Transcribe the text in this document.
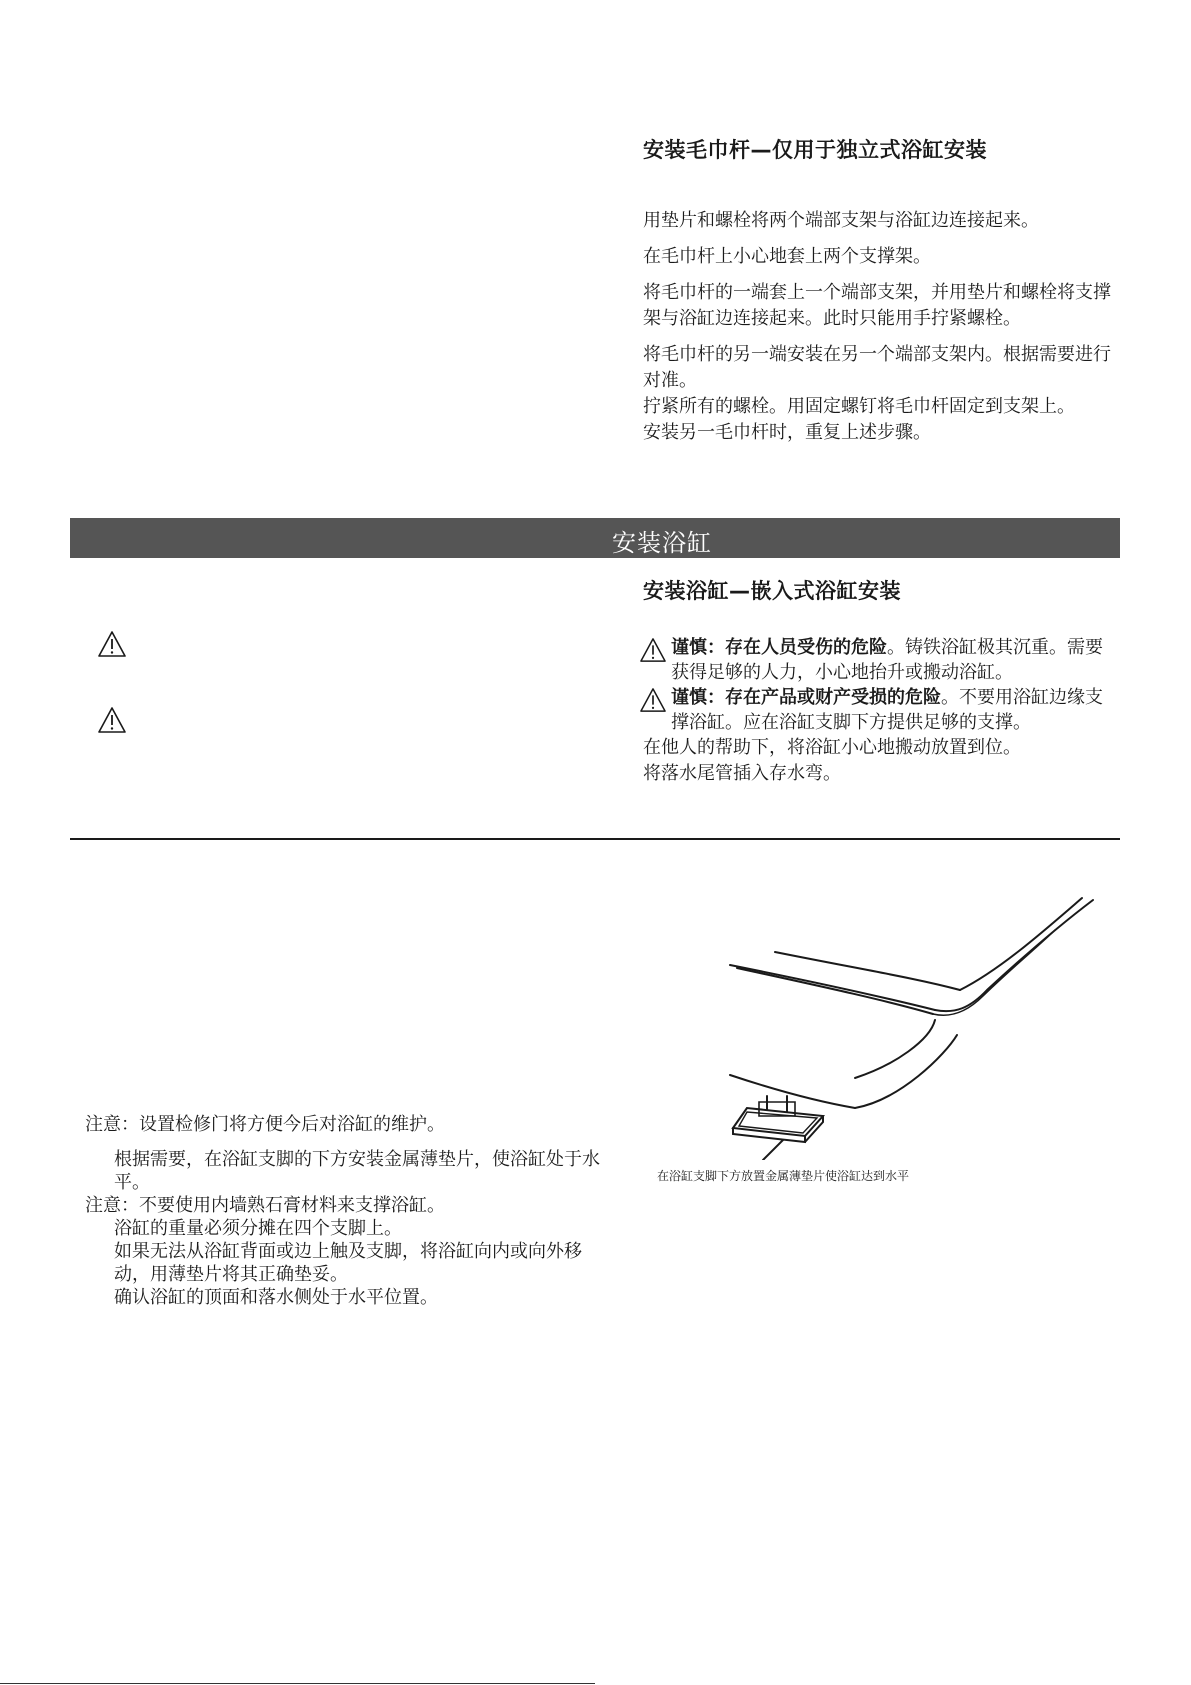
安装毛巾杆—仅用于独立式浴缸安装

用垫片和螺栓将两个端部支架与浴缸边连接起来。

在毛巾杆上小心地套上两个支撑架。

将毛巾杆的一端套上一个端部支架，并用垫片和螺栓将支撑架与浴缸边连接起来。此时只能用手拧紧螺栓。

将毛巾杆的另一端安装在另一个端部支架内。根据需要进行对准。

拧紧所有的螺栓。用固定螺钉将毛巾杆固定到支架上。

安装另一毛巾杆时，重复上述步骤。

安装浴缸
安装浴缸—嵌入式浴缸安装
谨慎：存在人员受伤的危险。铸铁浴缸极其沉重。需要获得足够的人力，小心地抬升或搬动浴缸。
谨慎：存在产品或财产受损的危险。不要用浴缸边缘支撑浴缸。应在浴缸支脚下方提供足够的支撑。

在他人的帮助下，将浴缸小心地搬动放置到位。

将落水尾管插入存水弯。

注意：设置检修门将方便今后对浴缸的维护。

根据需要，在浴缸支脚的下方安装金属薄垫片，使浴缸处于水平。

注意：不要使用内墙熟石膏材料来支撑浴缸。

浴缸的重量必须分摊在四个支脚上。

如果无法从浴缸背面或边上触及支脚，将浴缸向内或向外移动，用薄垫片将其正确垫妥。

确认浴缸的顶面和落水侧处于水平位置。

在浴缸支脚下方放置金属薄垫片使浴缸达到水平
